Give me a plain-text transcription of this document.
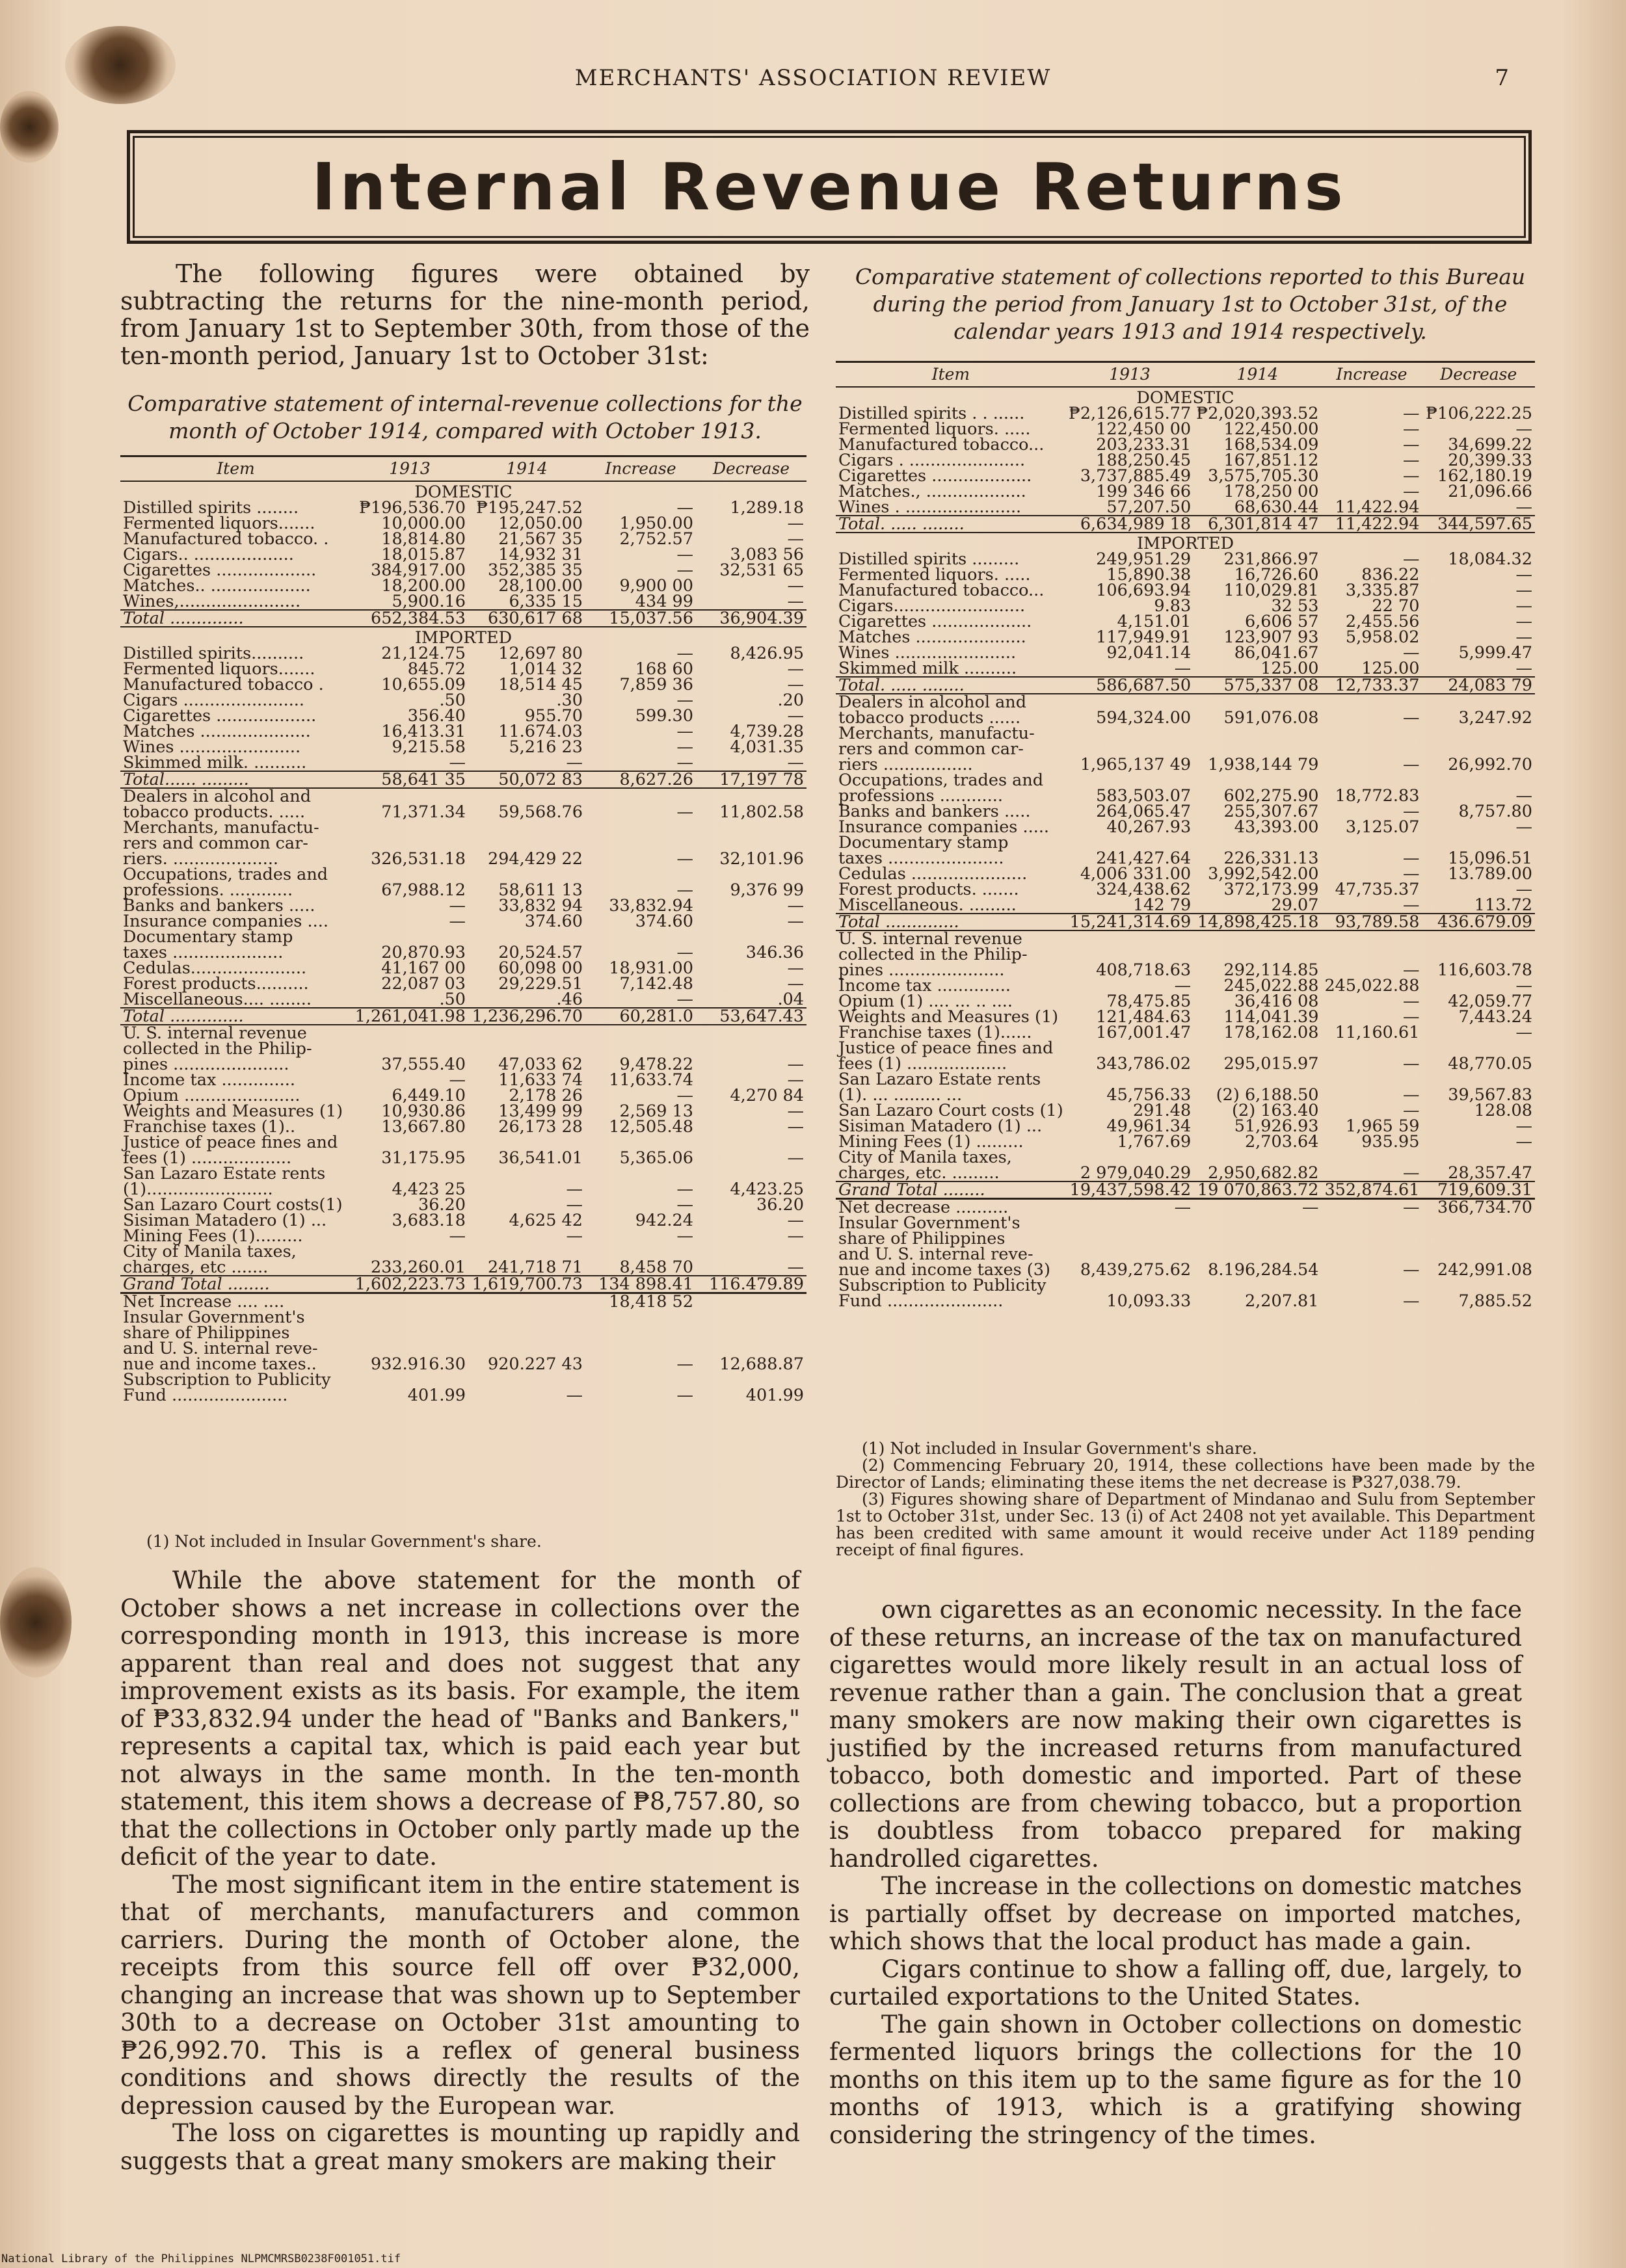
MERCHANTS' ASSOCIATION REVIEW	7
Internal Revenue Returns
The following figures were obtained by subtracting the returns for the nine-month period, from January 1st to September 30th, from those of the ten-month period, January 1st to October 31st:
Comparative statement of internal-revenue collections for the month of October 1914, compared with October 1913.
Item	1913	1914	Increase	Decrease
DOMESTIC				
Distilled spirits ........	₱196,536.70	₱195,247.52	—	1,289.18
Fermented liquors.......	10,000.00	12,050.00	1,950.00	—
Manufactured tobacco. .	18,814.80	21,567 35	2,752.57	—
Cigars.. ...................	18,015.87	14,932 31	—	3,083 56
Cigarettes ...................	384,917.00	352,385 35	—	32,531 65
Matches.. ...................	18,200.00	28,100.00	9,900 00	—
Wines,.......................	5,900.16	6,335 15	434 99	—
Total ..............	652,384.53	630,617 68	15,037.56	36,904.39
IMPORTED				
Distilled spirits..........	21,124.75	12,697 80	—	8,426.95
Fermented liquors.......	845.72	1,014 32	168 60	—
Manufactured tobacco .	10,655.09	18,514 45	7,859 36	—
Cigars .......................	.50	.30	—	.20
Cigarettes ...................	356.40	955.70	599.30	—
Matches .....................	16,413.31	11.674.03	—	4,739.28
Wines .......................	9,215.58	5,216 23	—	4,031.35
Skimmed milk. ..........	—	—	—	—
Total...... .........	58,641 35	50,072 83	8,627.26	17,197 78
Dealers in alcohol and				
tobacco products. .....	71,371.34	59,568.76	—	11,802.58
Merchants, manufactu-				
rers and common car-				
riers. ....................	326,531.18	294,429 22	—	32,101.96
Occupations, trades and				
professions. ............	67,988.12	58,611 13	—	9,376 99
Banks and bankers .....	—	33,832 94	33,832.94	—
Insurance companies ....	—	374.60	374.60	—
Documentary stamp				
taxes .....................	20,870.93	20,524.57	—	346.36
Cedulas......................	41,167 00	60,098 00	18,931.00	—
Forest products..........	22,087 03	29,229.51	7,142.48	—
Miscellaneous.... ........	.50	.46	—	.04
Total ..............	1,261,041.98	1,236,296.70	60,281.0	53,647.43
U. S. internal revenue				
collected in the Philip-				
pines ......................	37,555.40	47,033 62	9,478.22	—
Income tax ..............	—	11,633 74	11,633.74	—
Opium ......................	6,449.10	2,178 26	—	4,270 84
Weights and Measures (1)	10,930.86	13,499 99	2,569 13	—
Franchise taxes (1)..	13,667.80	26,173 28	12,505.48	—
Justice of peace fines and				
fees (1) ...................	31,175.95	36,541.01	5,365.06	—
San Lazaro Estate rents				
(1)........................	4,423 25	—	—	4,423.25
San Lazaro Court costs(1)	36.20	—	—	36.20
Sisiman Matadero (1) ...	3,683.18	4,625 42	942.24	—
Mining Fees (1).........	—	—	—	—
City of Manila taxes,				
charges, etc .......	233,260.01	241,718 71	8,458 70	—
Grand Total ........	1,602,223.73	1,619,700.73	134 898.41	116.479.89
Net Increase .... ....			18,418 52	
Insular Government's				
share of Philippines				
and U. S. internal reve-				
nue and income taxes..	932.916.30	920.227 43	—	12,688.87
Subscription to Publicity				
Fund ......................	401.99	—	—	401.99
(1) Not included in Insular Government's share.
Comparative statement of collections reported to this Bureau during the period from January 1st to October 31st, of the calendar years 1913 and 1914 respectively.
Item	1913	1914	Increase	Decrease
DOMESTIC				
Distilled spirits . . ......	₱2,126,615.77	₱2,020,393.52	—	₱106,222.25
Fermented liquors. .....	122,450 00	122,450.00	—	—
Manufactured tobacco...	203,233.31	168,534.09	—	34,699.22
Cigars . ......................	188,250.45	167,851.12	—	20,399.33
Cigarettes ...................	3,737,885.49	3,575,705.30	—	162,180.19
Matches., ...................	199 346 66	178,250 00	—	21,096.66
Wines . ......................	57,207.50	68,630.44	11,422.94	—
Total. ..... ........	6,634,989 18	6,301,814 47	11,422.94	344,597.65
IMPORTED				
Distilled spirits .........	249,951.29	231,866.97	—	18,084.32
Fermented liquors. .....	15,890.38	16,726.60	836.22	—
Manufactured tobacco...	106,693.94	110,029.81	3,335.87	—
Cigars.........................	9.83	32 53	22 70	—
Cigarettes ...................	4,151.01	6,606 57	2,455.56	—
Matches .....................	117,949.91	123,907 93	5,958.02	—
Wines .......................	92,041.14	86,041.67	—	5,999.47
Skimmed milk ..........	—	125.00	125.00	—
Total. ..... ........	586,687.50	575,337 08	12,733.37	24,083 79
Dealers in alcohol and				
tobacco products ......	594,324.00	591,076.08	—	3,247.92
Merchants, manufactu-				
rers and common car-				
riers .................	1,965,137 49	1,938,144 79	—	26,992.70
Occupations, trades and				
professions ............	583,503.07	602,275.90	18,772.83	—
Banks and bankers .....	264,065.47	255,307.67	—	8,757.80
Insurance companies .....	40,267.93	43,393.00	3,125.07	—
Documentary stamp				
taxes ......................	241,427.64	226,331.13	—	15,096.51
Cedulas ......................	4,006 331.00	3,992,542.00	—	13.789.00
Forest products. .......	324,438.62	372,173.99	47,735.37	—
Miscellaneous. .........	142 79	29.07	—	113.72
Total ..............	15,241,314.69	14,898,425.18	93,789.58	436.679.09
U. S. internal revenue				
collected in the Philip-				
pines ......................	408,718.63	292,114.85	—	116,603.78
Income tax ..............	—	245,022.88	245,022.88	—
Opium (1) .... ... .. ....	78,475.85	36,416 08	—	42,059.77
Weights and Measures (1)	121,484.63	114,041.39	—	7,443.24
Franchise taxes (1)......	167,001.47	178,162.08	11,160.61	—
Justice of peace fines and				
fees (1) ...................	343,786.02	295,015.97	—	48,770.05
San Lazaro Estate rents				
(1). ... ......... ...	45,756.33	(2) 6,188.50	—	39,567.83
San Lazaro Court costs (1)	291.48	(2) 163.40	—	128.08
Sisiman Matadero (1) ...	49,961.34	51,926.93	1,965 59	—
Mining Fees (1) .........	1,767.69	2,703.64	935.95	—
City of Manila taxes,				
charges, etc. .........	2 979,040.29	2,950,682.82	—	28,357.47
Grand Total ........	19,437,598.42	19 070,863.72	352,874.61	719,609.31
Net decrease ..........	—	—	—	366,734.70
Insular Government's				
share of Philippines				
and U. S. internal reve-				
nue and income taxes (3)	8,439,275.62	8.196,284.54	—	242,991.08
Subscription to Publicity				
Fund ......................	10,093.33	2,207.81	—	7,885.52
(1) Not included in Insular Government's share.
(2) Commencing February 20, 1914, these collections have been made by the Director of Lands; eliminating these items the net decrease is ₱327,038.79.
(3) Figures showing share of Department of Mindanao and Sulu from September 1st to October 31st, under Sec. 13 (i) of Act 2408 not yet available. This Department has been credited with same amount it would receive under Act 1189 pending receipt of final figures.

While the above statement for the month of October shows a net increase in collections over the corresponding month in 1913, this increase is more apparent than real and does not suggest that any improvement exists as its basis. For example, the item of ₱33,832.94 under the head of "Banks and Bankers," represents a capital tax, which is paid each year but not always in the same month. In the ten-month statement, this item shows a decrease of ₱8,757.80, so that the collections in October only partly made up the deficit of the year to date.

The most significant item in the entire statement is that of merchants, manufacturers and common carriers. During the month of October alone, the receipts from this source fell off over ₱32,000, changing an increase that was shown up to September 30th to a decrease on October 31st amounting to ₱26,992.70. This is a reflex of general business conditions and shows directly the results of the depression caused by the European war.

The loss on cigarettes is mounting up rapidly and suggests that a great many smokers are making their

own cigarettes as an economic necessity. In the face of these returns, an increase of the tax on manufactured cigarettes would more likely result in an actual loss of revenue rather than a gain. The conclusion that a great many smokers are now making their own cigarettes is justified by the increased returns from manufactured tobacco, both domestic and imported. Part of these collections are from chewing tobacco, but a proportion is doubtless from tobacco prepared for making handrolled cigarettes.

The increase in the collections on domestic matches is partially offset by decrease on imported matches, which shows that the local product has made a gain.

Cigars continue to show a falling off, due, largely, to curtailed exportations to the United States.

The gain shown in October collections on domestic fermented liquors brings the collections for the 10 months on this item up to the same figure as for the 10 months of 1913, which is a gratifying showing considering the stringency of the times.

National Library of the Philippines NLPMCMRSB0238F001051.tif
